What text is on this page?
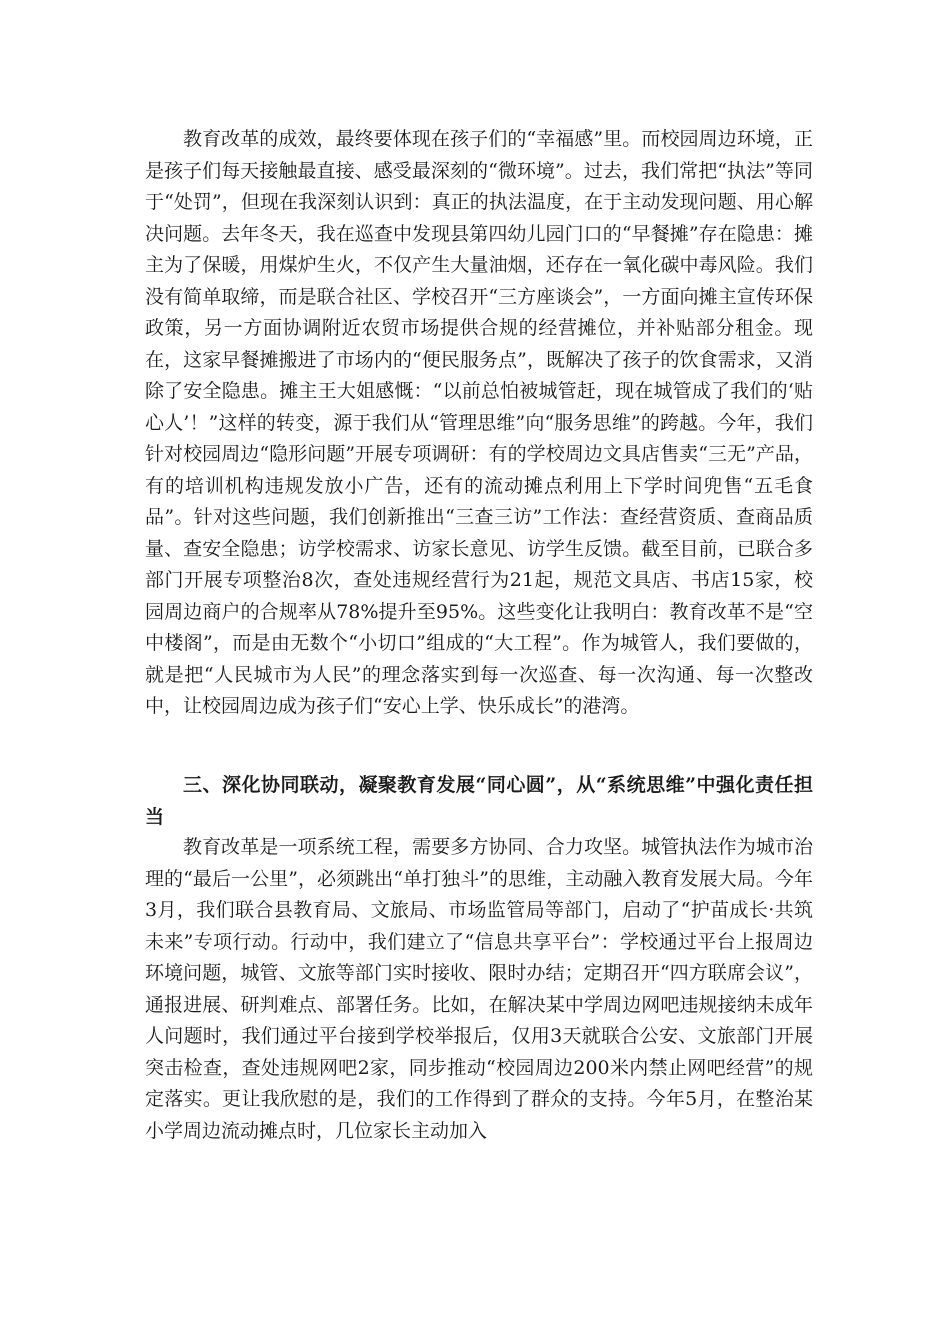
教育改革的成效，最终要体现在孩子们的“幸福感”里。而校园周边环境，正是孩子们每天接触最直接、感受最深刻的“微环境”。过去，我们常把“执法”等同于“处罚”，但现在我深刻认识到：真正的执法温度，在于主动发现问题、用心解决问题。去年冬天，我在巡查中发现县第四幼儿园门口的“早餐摊”存在隐患：摊主为了保暖，用煤炉生火，不仅产生大量油烟，还存在一氧化碳中毒风险。我们没有简单取缔，而是联合社区、学校召开“三方座谈会”，一方面向摊主宣传环保政策，另一方面协调附近农贸市场提供合规的经营摊位，并补贴部分租金。现在，这家早餐摊搬进了市场内的“便民服务点”，既解决了孩子的饮食需求，又消除了安全隐患。摊主王大姐感慨：“以前总怕被城管赶，现在城管成了我们的‘贴心人’！”这样的转变，源于我们从“管理思维”向“服务思维”的跨越。今年，我们针对校园周边“隐形问题”开展专项调研：有的学校周边文具店售卖“三无”产品，有的培训机构违规发放小广告，还有的流动摊点利用上下学时间兜售“五毛食品”。针对这些问题，我们创新推出“三查三访”工作法：查经营资质、查商品质量、查安全隐患；访学校需求、访家长意见、访学生反馈。截至目前，已联合多部门开展专项整治8次，查处违规经营行为21起，规范文具店、书店15家，校园周边商户的合规率从78%提升至95%。这些变化让我明白：教育改革不是“空中楼阁”，而是由无数个“小切口”组成的“大工程”。作为城管人，我们要做的，就是把“人民城市为人民”的理念落实到每一次巡查、每一次沟通、每一次整改中，让校园周边成为孩子们“安心上学、快乐成长”的港湾。

三、深化协同联动，凝聚教育发展“同心圆”，从“系统思维”中强化责任担当

教育改革是一项系统工程，需要多方协同、合力攻坚。城管执法作为城市治理的“最后一公里”，必须跳出“单打独斗”的思维，主动融入教育发展大局。今年3月，我们联合县教育局、文旅局、市场监管局等部门，启动了“护苗成长·共筑未来”专项行动。行动中，我们建立了“信息共享平台”：学校通过平台上报周边环境问题，城管、文旅等部门实时接收、限时办结；定期召开“四方联席会议”，通报进展、研判难点、部署任务。比如，在解决某中学周边网吧违规接纳未成年人问题时，我们通过平台接到学校举报后，仅用3天就联合公安、文旅部门开展突击检查，查处违规网吧2家，同步推动“校园周边200米内禁止网吧经营”的规定落实。更让我欣慰的是，我们的工作得到了群众的支持。今年5月，在整治某小学周边流动摊点时，几位家长主动加入
